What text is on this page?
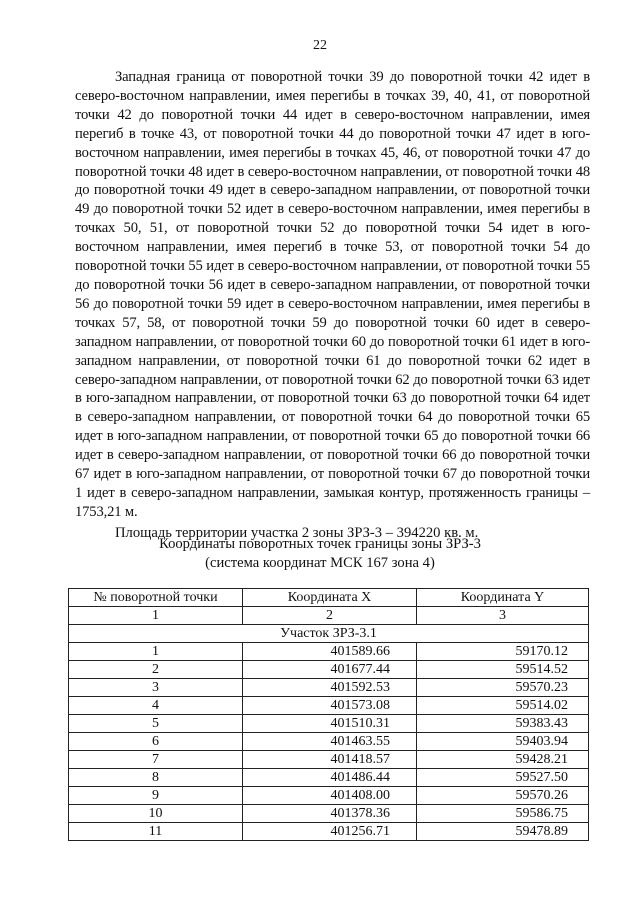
22

Западная граница от поворотной точки 39 до поворотной точки 42 идет в северо-восточном направлении, имея перегибы в точках 39, 40, 41, от поворотной точки 42 до поворотной точки 44 идет в северо-восточном направлении, имея перегиб в точке 43, от поворотной точки 44 до поворотной точки 47 идет в юго-восточном направлении, имея перегибы в точках 45, 46, от поворотной точки 47 до поворотной точки 48 идет в северо-восточном направлении, от поворотной точки 48 до поворотной точки 49 идет в северо-западном направлении, от поворотной точки 49 до поворотной точки 52 идет в северо-восточном направлении, имея перегибы в точках 50, 51, от поворотной точки 52 до поворотной точки 54 идет в юго-восточном направлении, имея перегиб в точке 53, от поворотной точки 54 до поворотной точки 55 идет в северо-восточном направлении, от поворотной точки 55 до поворотной точки 56 идет в северо-западном направлении, от поворотной точки 56 до поворотной точки 59 идет в северо-восточном направлении, имея перегибы в точках 57, 58, от поворотной точки 59 до поворотной точки 60 идет в северо-западном направлении, от поворотной точки 60 до поворотной точки 61 идет в юго-западном направлении, от поворотной точки 61 до поворотной точки 62 идет в северо-западном направлении, от поворотной точки 62 до поворотной точки 63 идет в юго-западном направлении, от поворотной точки 63 до поворотной точки 64 идет в северо-западном направлении, от поворотной точки 64 до поворотной точки 65 идет в юго-западном направлении, от поворотной точки 65 до поворотной точки 66 идет в северо-западном направлении, от поворотной точки 66 до поворотной точки 67 идет в юго-западном направлении, от поворотной точки 67 до поворотной точки 1 идет в северо-западном направлении, замыкая контур, протяженность границы – 1753,21 м.

Площадь территории участка 2 зоны ЗРЗ-3 – 394220 кв. м.

Координаты поворотных точек границы зоны ЗРЗ-3
(система координат МСК 167 зона 4)
№ поворотной точки	Координата X	Координата Y
1	2	3
Участок ЗРЗ-3.1		
1	401589.66	59170.12
2	401677.44	59514.52
3	401592.53	59570.23
4	401573.08	59514.02
5	401510.31	59383.43
6	401463.55	59403.94
7	401418.57	59428.21
8	401486.44	59527.50
9	401408.00	59570.26
10	401378.36	59586.75
11	401256.71	59478.89
